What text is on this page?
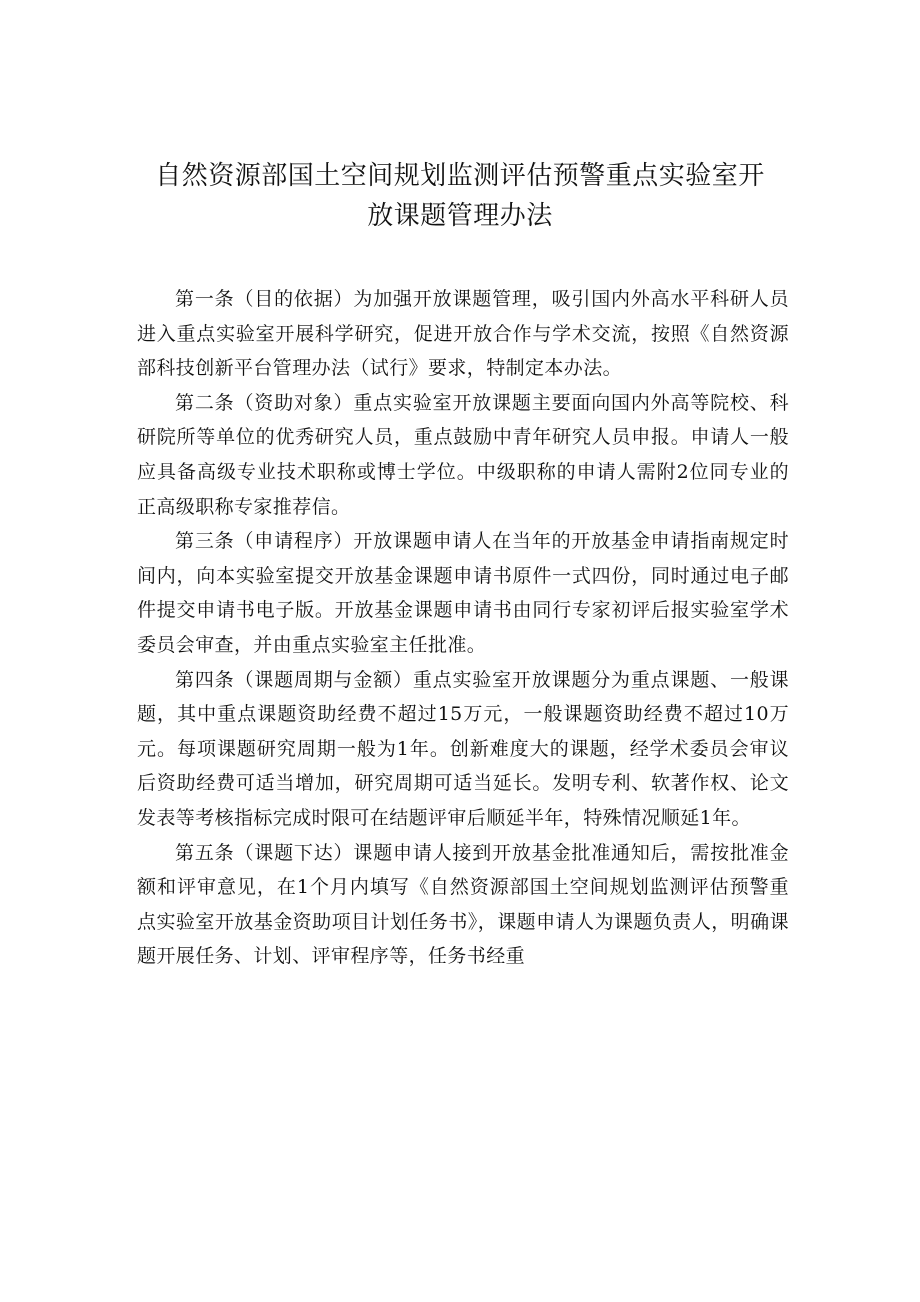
自然资源部国土空间规划监测评估预警重点实验室开
放课题管理办法

第一条（目的依据）为加强开放课题管理，吸引国内外高水平科研人员进入重点实验室开展科学研究，促进开放合作与学术交流，按照《自然资源部科技创新平台管理办法（试行》要求，特制定本办法。

第二条（资助对象）重点实验室开放课题主要面向国内外高等院校、科研院所等单位的优秀研究人员，重点鼓励中青年研究人员申报。申请人一般应具备高级专业技术职称或博士学位。中级职称的申请人需附2位同专业的正高级职称专家推荐信。

第三条（申请程序）开放课题申请人在当年的开放基金申请指南规定时间内，向本实验室提交开放基金课题申请书原件一式四份，同时通过电子邮件提交申请书电子版。开放基金课题申请书由同行专家初评后报实验室学术委员会审查，并由重点实验室主任批准。

第四条（课题周期与金额）重点实验室开放课题分为重点课题、一般课题，其中重点课题资助经费不超过15万元，一般课题资助经费不超过10万元。每项课题研究周期一般为1年。创新难度大的课题，经学术委员会审议后资助经费可适当增加，研究周期可适当延长。发明专利、软著作权、论文发表等考核指标完成时限可在结题评审后顺延半年，特殊情况顺延1年。

第五条（课题下达）课题申请人接到开放基金批准通知后，需按批准金额和评审意见，在1个月内填写《自然资源部国土空间规划监测评估预警重点实验室开放基金资助项目计划任务书》，课题申请人为课题负责人，明确课题开展任务、计划、评审程序等，任务书经重
